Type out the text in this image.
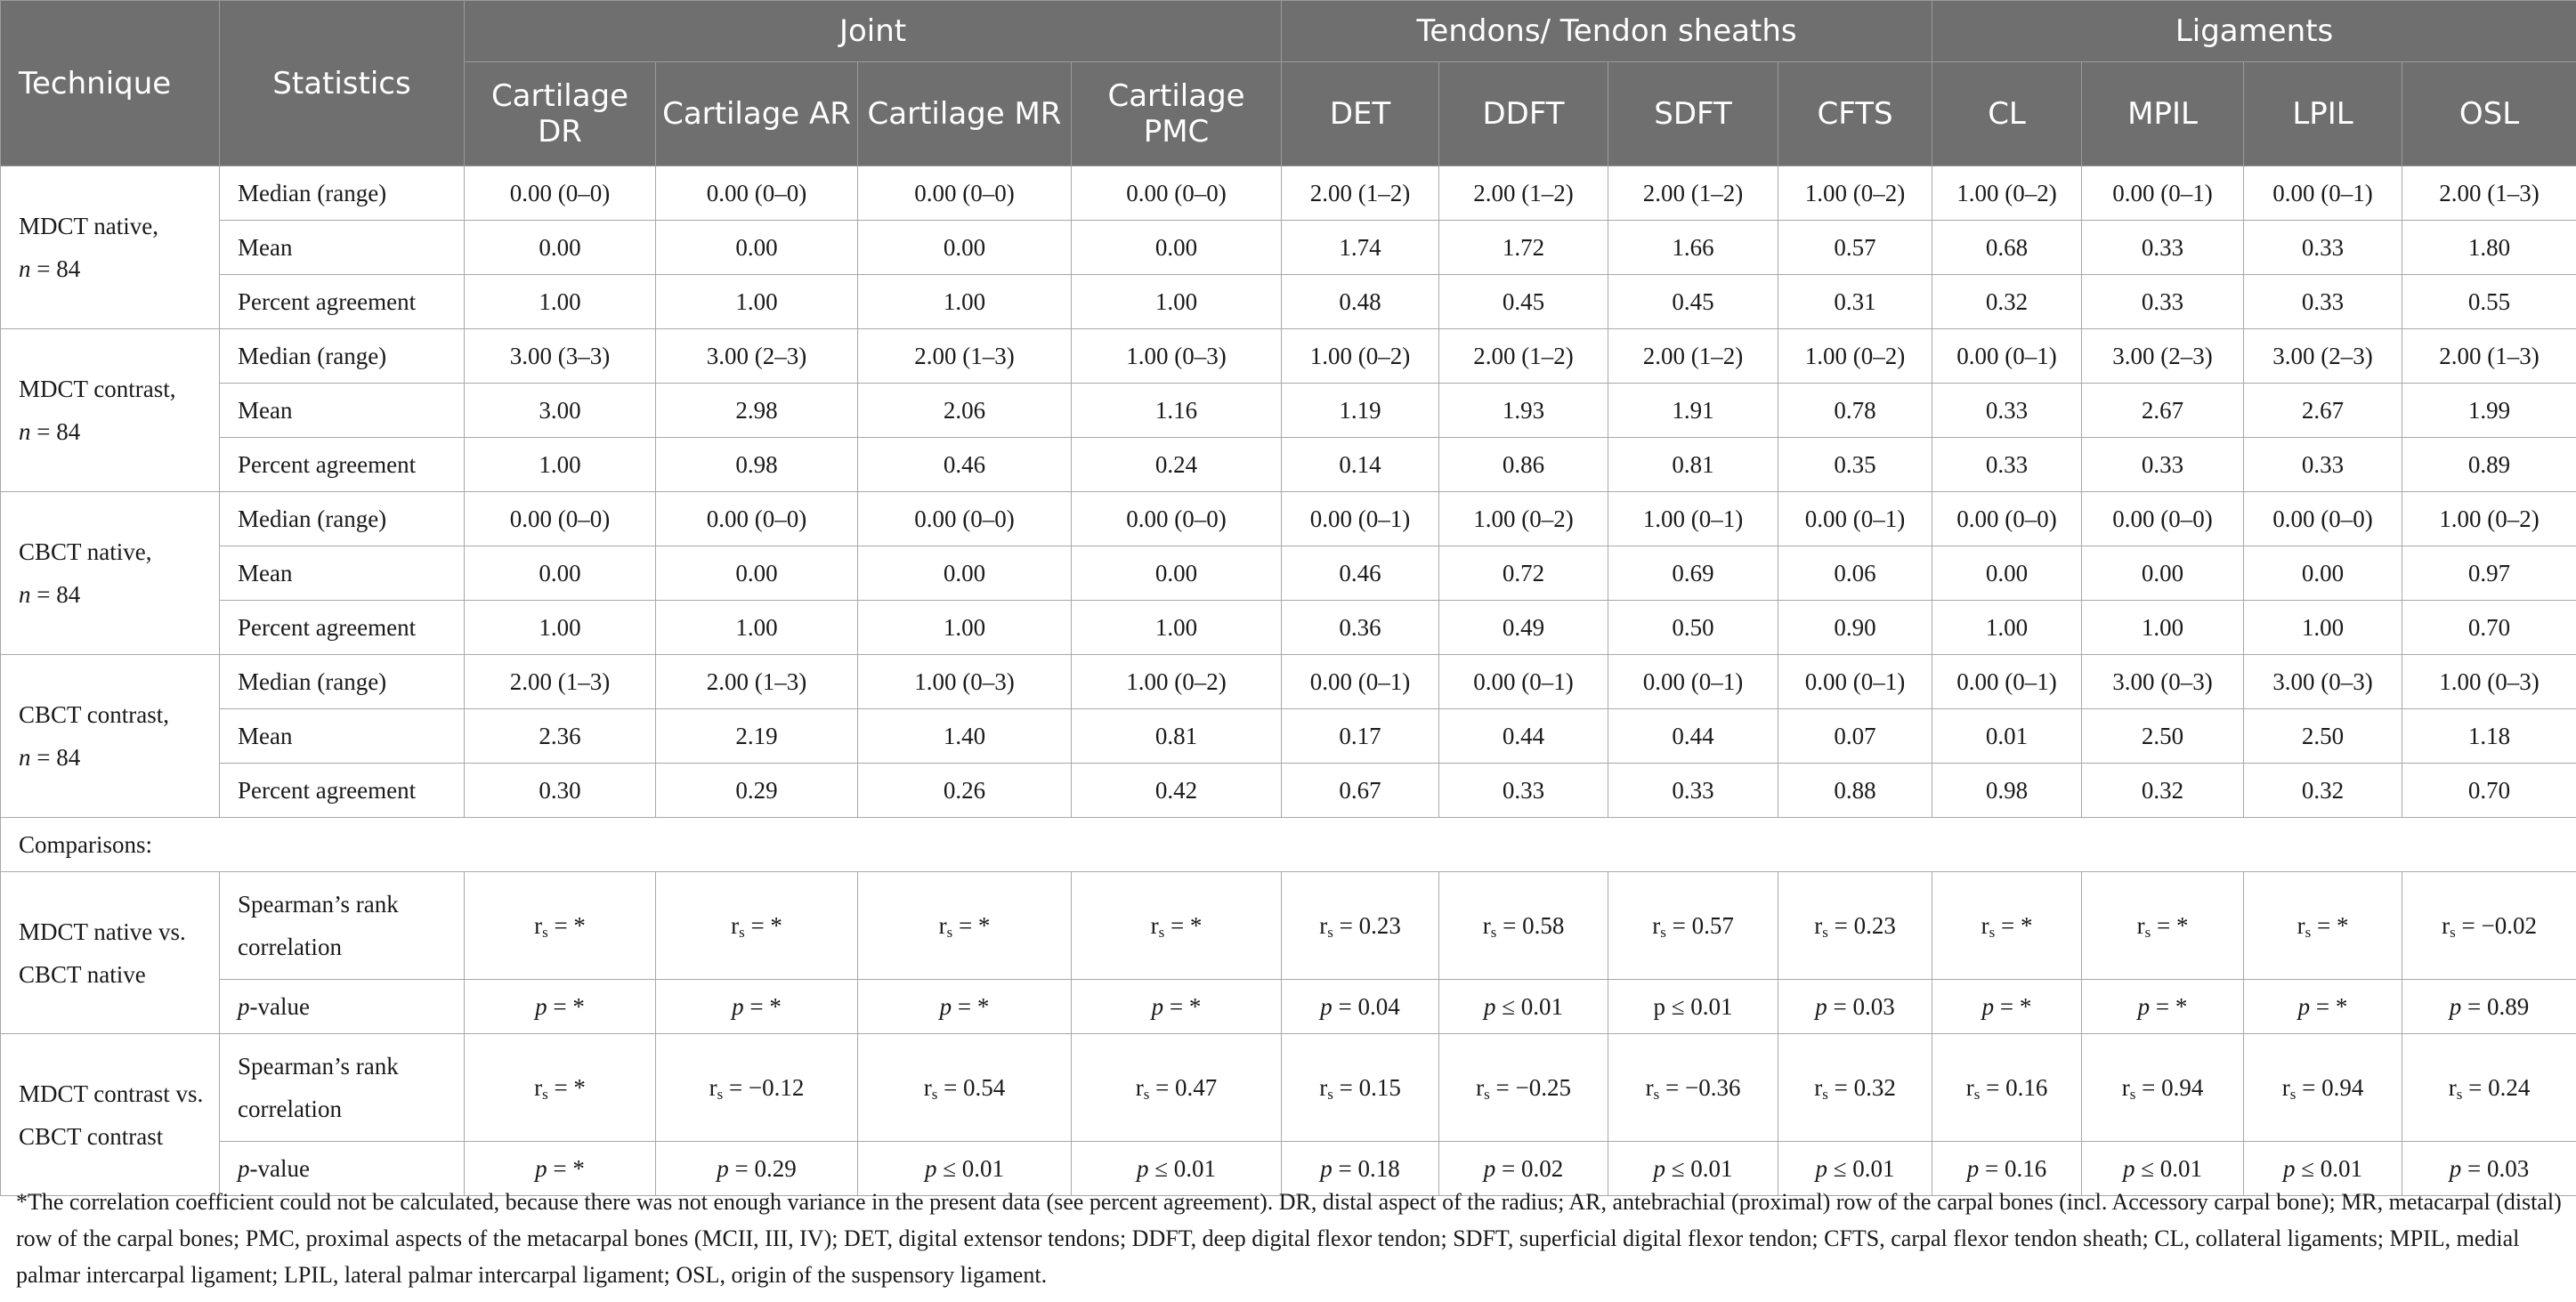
Technique	Statistics	Joint				Tendons/ Tendon sheaths				Ligaments			
		Cartilage DR	Cartilage AR	Cartilage MR	Cartilage PMC	DET	DDFT	SDFT	CFTS	CL	MPIL	LPIL	OSL
MDCT native,
n = 84	Median (range)	0.00 (0–0)	0.00 (0–0)	0.00 (0–0)	0.00 (0–0)	2.00 (1–2)	2.00 (1–2)	2.00 (1–2)	1.00 (0–2)	1.00 (0–2)	0.00 (0–1)	0.00 (0–1)	2.00 (1–3)
	Mean	0.00	0.00	0.00	0.00	1.74	1.72	1.66	0.57	0.68	0.33	0.33	1.80
	Percent agreement	1.00	1.00	1.00	1.00	0.48	0.45	0.45	0.31	0.32	0.33	0.33	0.55
MDCT contrast,
n = 84	Median (range)	3.00 (3–3)	3.00 (2–3)	2.00 (1–3)	1.00 (0–3)	1.00 (0–2)	2.00 (1–2)	2.00 (1–2)	1.00 (0–2)	0.00 (0–1)	3.00 (2–3)	3.00 (2–3)	2.00 (1–3)
	Mean	3.00	2.98	2.06	1.16	1.19	1.93	1.91	0.78	0.33	2.67	2.67	1.99
	Percent agreement	1.00	0.98	0.46	0.24	0.14	0.86	0.81	0.35	0.33	0.33	0.33	0.89
CBCT native,
n = 84	Median (range)	0.00 (0–0)	0.00 (0–0)	0.00 (0–0)	0.00 (0–0)	0.00 (0–1)	1.00 (0–2)	1.00 (0–1)	0.00 (0–1)	0.00 (0–0)	0.00 (0–0)	0.00 (0–0)	1.00 (0–2)
	Mean	0.00	0.00	0.00	0.00	0.46	0.72	0.69	0.06	0.00	0.00	0.00	0.97
	Percent agreement	1.00	1.00	1.00	1.00	0.36	0.49	0.50	0.90	1.00	1.00	1.00	0.70
CBCT contrast,
n = 84	Median (range)	2.00 (1–3)	2.00 (1–3)	1.00 (0–3)	1.00 (0–2)	0.00 (0–1)	0.00 (0–1)	0.00 (0–1)	0.00 (0–1)	0.00 (0–1)	3.00 (0–3)	3.00 (0–3)	1.00 (0–3)
	Mean	2.36	2.19	1.40	0.81	0.17	0.44	0.44	0.07	0.01	2.50	2.50	1.18
	Percent agreement	0.30	0.29	0.26	0.42	0.67	0.33	0.33	0.88	0.98	0.32	0.32	0.70
Comparisons:													
MDCT native vs. CBCT native	Spearman’s rank correlation	$r_s$ = *	$r_s$ = *	$r_s$ = *	$r_s$ = *	$r_s = 0.23$	$r_s = 0.58$	$r_s = 0.57$	$r_s = 0.23$	$r_s$ = *	$r_s$ = *	$r_s$ = *	$r_s = -0.02$
	p-value	p = *	p = *	p = *	p = *	p = 0.04	p ≤ 0.01	p ≤ 0.01	p = 0.03	p = *	p = *	p = *	p = 0.89
MDCT contrast vs. CBCT contrast	Spearman’s rank correlation	$r_s$ = *	$r_s = -0.12$	$r_s = 0.54$	$r_s = 0.47$	$r_s = 0.15$	$r_s = -0.25$	$r_s = -0.36$	$r_s = 0.32$	$r_s = 0.16$	$r_s = 0.94$	$r_s = 0.94$	$r_s = 0.24$
	p-value	p = *	p = 0.29	p ≤ 0.01	p ≤ 0.01	p = 0.18	p = 0.02	p ≤ 0.01	p ≤ 0.01	p = 0.16	p ≤ 0.01	p ≤ 0.01	p = 0.03
*The correlation coefficient could not be calculated, because there was not enough variance in the present data (see percent agreement). DR, distal aspect of the radius; AR, antebrachial (proximal) row of the carpal bones (incl. Accessory carpal bone); MR, metacarpal (distal) row of the carpal bones; PMC, proximal aspects of the metacarpal bones (MCII, III, IV); DET, digital extensor tendons; DDFT, deep digital flexor tendon; SDFT, superficial digital flexor tendon; CFTS, carpal flexor tendon sheath; CL, collateral ligaments; MPIL, medial palmar intercarpal ligament; LPIL, lateral palmar intercarpal ligament; OSL, origin of the suspensory ligament.
